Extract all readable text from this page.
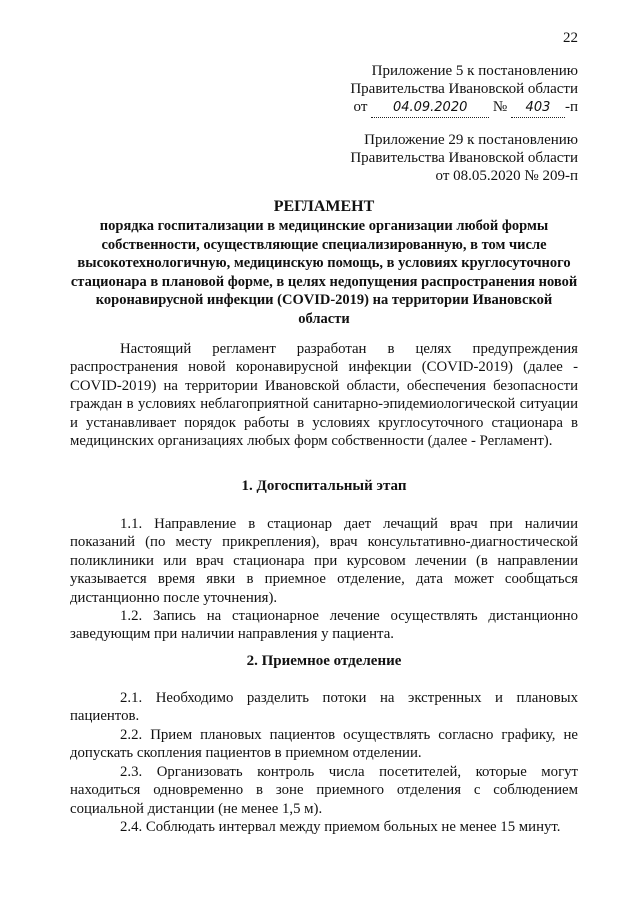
22
Приложение 5 к постановлению
Правительства Ивановской области
от 04.09.2020 № 403 -п
Приложение 29 к постановлению
Правительства Ивановской области
от 08.05.2020 № 209-п
РЕГЛАМЕНТ
порядка госпитализации в медицинские организации любой формы собственности, осуществляющие специализированную, в том числе высокотехнологичную, медицинскую помощь, в условиях круглосуточного стационара в плановой форме, в целях недопущения распространения новой коронавирусной инфекции (COVID-2019) на территории Ивановской области

Настоящий регламент разработан в целях предупреждения распространения новой коронавирусной инфекции (COVID-2019) (далее - COVID-2019) на территории Ивановской области, обеспечения безопасности граждан в условиях неблагоприятной санитарно-эпидемиологической ситуации и устанавливает порядок работы в условиях круглосуточного стационара в медицинских организациях любых форм собственности (далее - Регламент).

1. Догоспитальный этап

1.1. Направление в стационар дает лечащий врач при наличии показаний (по месту прикрепления), врач консультативно-диагностической поликлиники или врач стационара при курсовом лечении (в направлении указывается время явки в приемное отделение, дата может сообщаться дистанционно после уточнения).

1.2. Запись на стационарное лечение осуществлять дистанционно заведующим при наличии направления у пациента.

2. Приемное отделение

2.1. Необходимо разделить потоки на экстренных и плановых пациентов.

2.2. Прием плановых пациентов осуществлять согласно графику, не допускать скопления пациентов в приемном отделении.

2.3. Организовать контроль числа посетителей, которые могут находиться одновременно в зоне приемного отделения с соблюдением социальной дистанции (не менее 1,5 м).

2.4. Соблюдать интервал между приемом больных не менее 15 минут.
